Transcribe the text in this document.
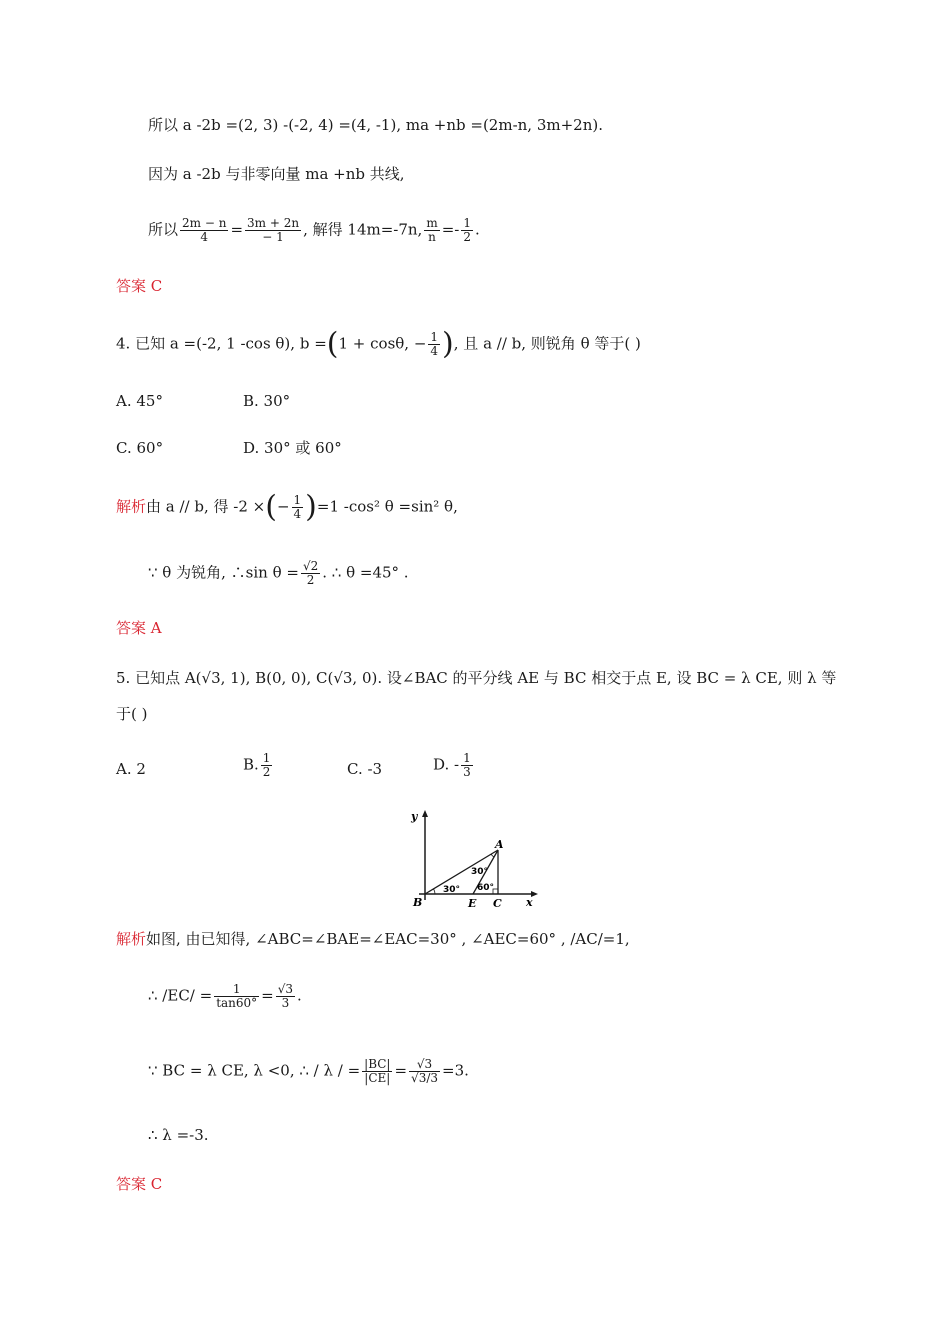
所以 a -2b =(2, 3) -(-2, 4) =(4, -1), ma +nb =(2m-n, 3m+2n).
因为 a -2b 与非零向量 ma +nb 共线,
所以 $\frac{2m - n}{4} = \frac{3m + 2n}{- 1}$ , 解得 14m=-7n, $\frac{m}{n} =- \frac{1}{2}$ .
答案 C
4. 已知 a =(-2, 1 -cos θ), b =(1 + cosθ, − $\frac{1}{4}$ ), 且 a // b, 则锐角 θ 等于( )
A. 45°	B. 30°
C. 60°	D. 30° 或 60°
解析由 a // b, 得 -2 ×(− $\frac{1}{4} )=1$ -cos² θ =sin² θ,
∵ θ 为锐角, ∴sin $\theta = \frac{√2}{2}$ . ∴ θ =45° .
答案 A
5. 已知点 A(√3, 1), B(0, 0), C(√3, 0). 设∠BAC 的平分线 AE 与 BC 相交于点 E, 设 BC = λ CE, 则 λ 等
于( )
A. 2	B. $\frac{1}{2}$	C. -3	D. - $\frac{1}{3}$
y
A
B	E C x
30°
30°
60°
解析如图, 由已知得, ∠ABC=∠BAE=∠EAC=30° , ∠AEC=60° , /AC/=1,
∴ $/EC/ = \frac{1}{\tan 60^\circ} = \frac{√3}{3}$ .
∵ BC = λ CE, λ <0, ∴ / λ / = $\frac{|BC|}{|CE|} = \frac{√3}{√3/3} =3$.
∴ λ =-3.
答案 C
